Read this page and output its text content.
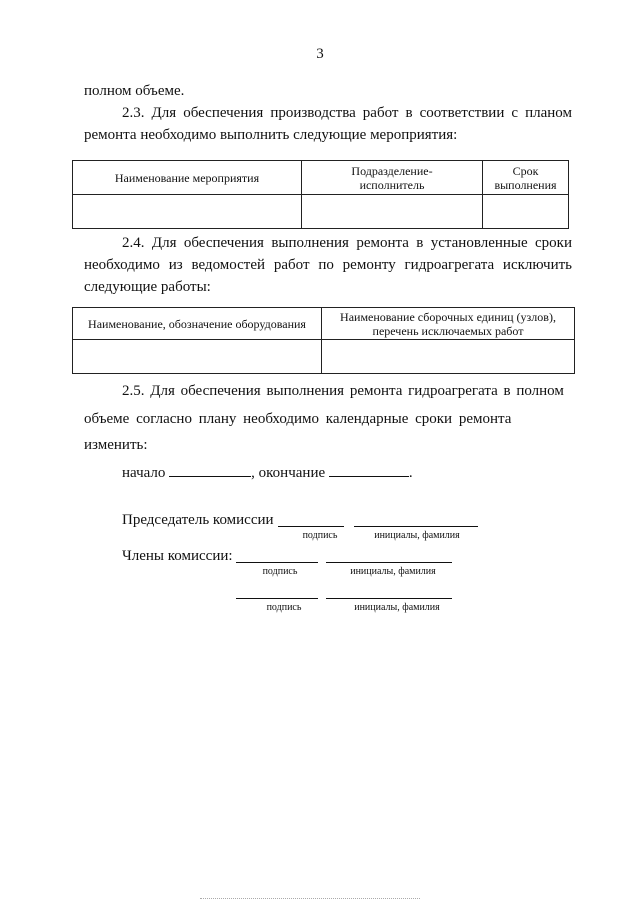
3

полном объеме.

2.3. Для обеспечения производства работ в соответствии с планом ремонта необходимо выполнить следующие мероприятия:

Наименование мероприятия	Подразделение-исполнитель	Срок выполнения

2.4. Для обеспечения выполнения ремонта в установленные сроки необходимо из ведомостей работ по ремонту гидроагрегата исключить следующие работы:

Наименование, обозначение оборудования	Наименование сборочных единиц (узлов), перечень исключаемых работ

2.5. Для обеспечения выполнения ремонта гидроагрегата в полном

объеме согласно плану необходимо календарные сроки ремонта

изменить:

начало	, окончание	.
Председатель комиссии
подпись	инициалы, фамилия
Члены комиссии:
подпись	инициалы, фамилия
подпись	инициалы, фамилия
